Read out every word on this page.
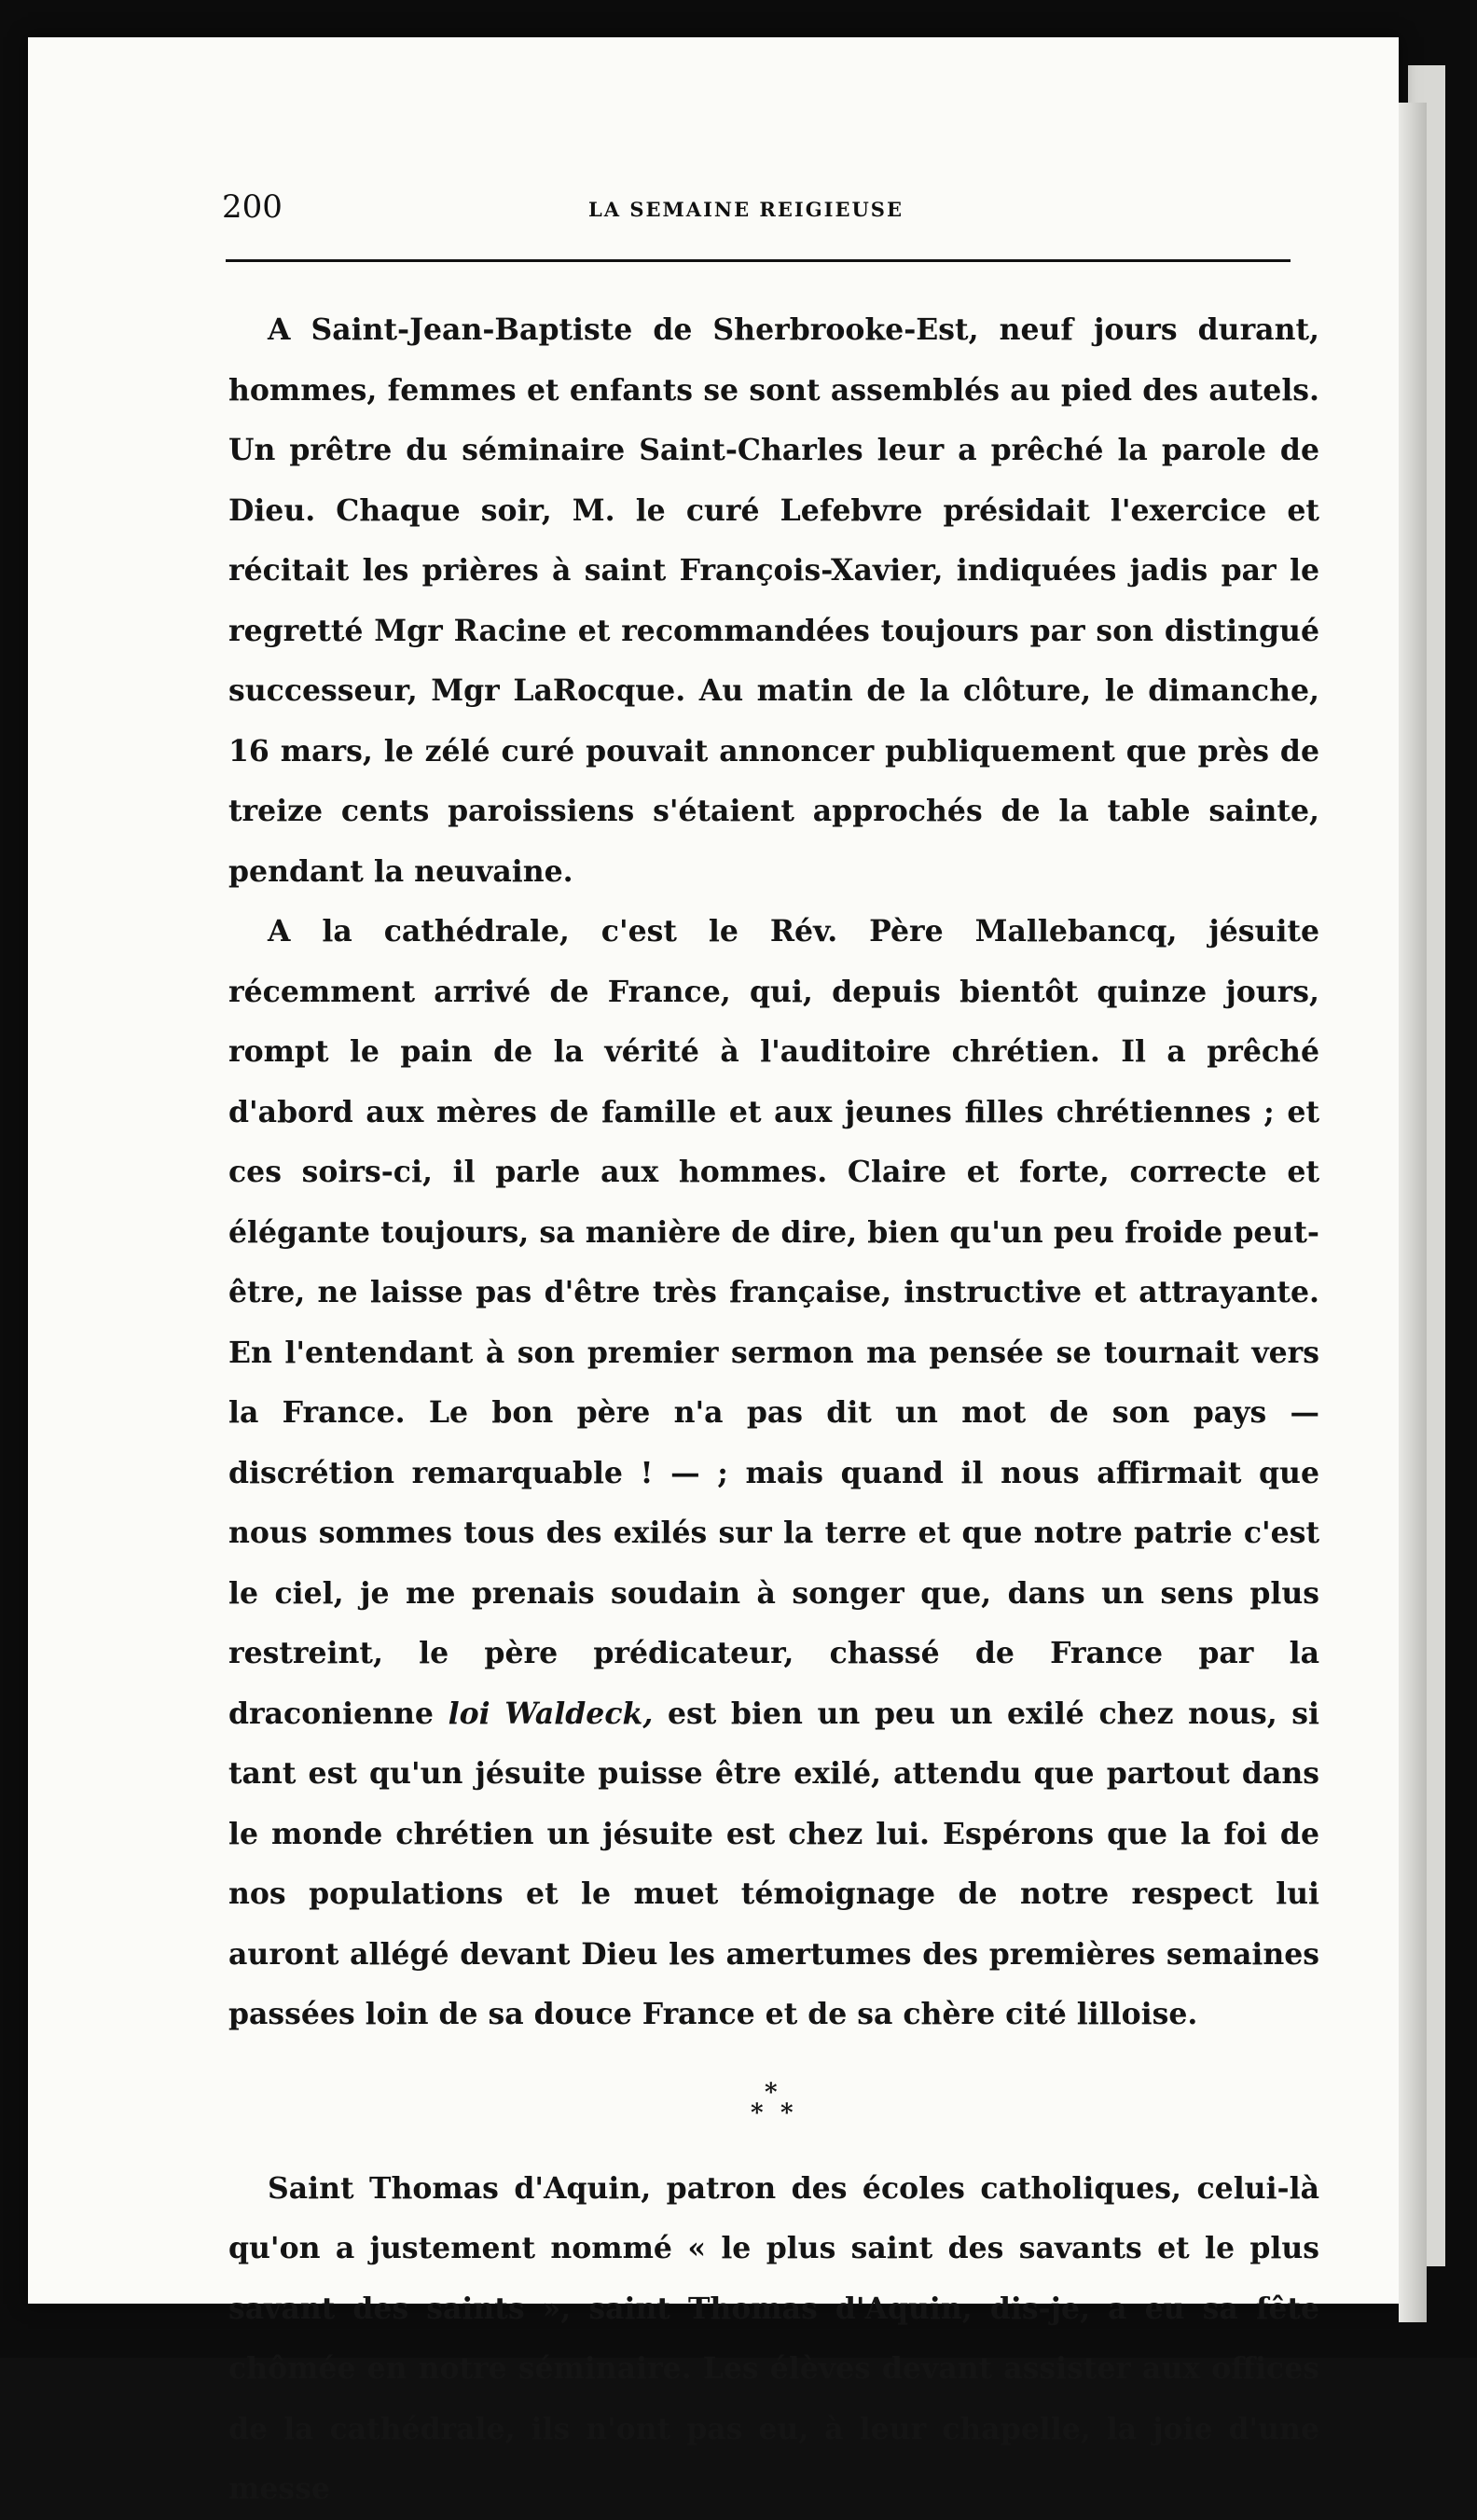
200	LA SEMAINE REIGIEUSE

A Saint-Jean-Baptiste de Sherbrooke-Est, neuf jours durant, hommes, femmes et enfants se sont assemblés au pied des autels. Un prêtre du séminaire Saint-Charles leur a prêché la parole de Dieu. Chaque soir, M. le curé Lefebvre présidait l'exercice et récitait les prières à saint François-Xavier, indiquées jadis par le regretté Mgr Racine et recommandées toujours par son distingué successeur, Mgr LaRocque. Au matin de la clôture, le dimanche, 16 mars, le zélé curé pouvait annoncer publiquement que près de treize cents paroissiens s'étaient approchés de la table sainte, pendant la neuvaine.

A la cathédrale, c'est le Rév. Père Mallebancq, jésuite récemment arrivé de France, qui, depuis bientôt quinze jours, rompt le pain de la vérité à l'auditoire chrétien. Il a prêché d'abord aux mères de famille et aux jeunes filles chrétiennes ; et ces soirs-ci, il parle aux hommes. Claire et forte, correcte et élégante toujours, sa manière de dire, bien qu'un peu froide peut-être, ne laisse pas d'être très française, instructive et attrayante. En l'entendant à son premier sermon ma pensée se tournait vers la France. Le bon père n'a pas dit un mot de son pays — discrétion remarquable ! — ; mais quand il nous affirmait que nous sommes tous des exilés sur la terre et que notre patrie c'est le ciel, je me prenais soudain à songer que, dans un sens plus restreint, le père prédicateur, chassé de France par la draconienne loi Waldeck, est bien un peu un exilé chez nous, si tant est qu'un jésuite puisse être exilé, attendu que partout dans le monde chrétien un jésuite est chez lui. Espérons que la foi de nos populations et le muet témoignage de notre respect lui auront allégé devant Dieu les amertumes des premières semaines passées loin de sa douce France et de sa chère cité lilloise.

*
* *

Saint Thomas d'Aquin, patron des écoles catholiques, celui-là qu'on a justement nommé « le plus saint des savants et le plus savant des saints », saint Thomas d'Aquin, dis-je, a eu sa fête chômée en notre séminaire. Les élèves devant assister aux offices de la cathédrale, ils n'ont pas eu, à leur chapelle, la joie d'une messe
